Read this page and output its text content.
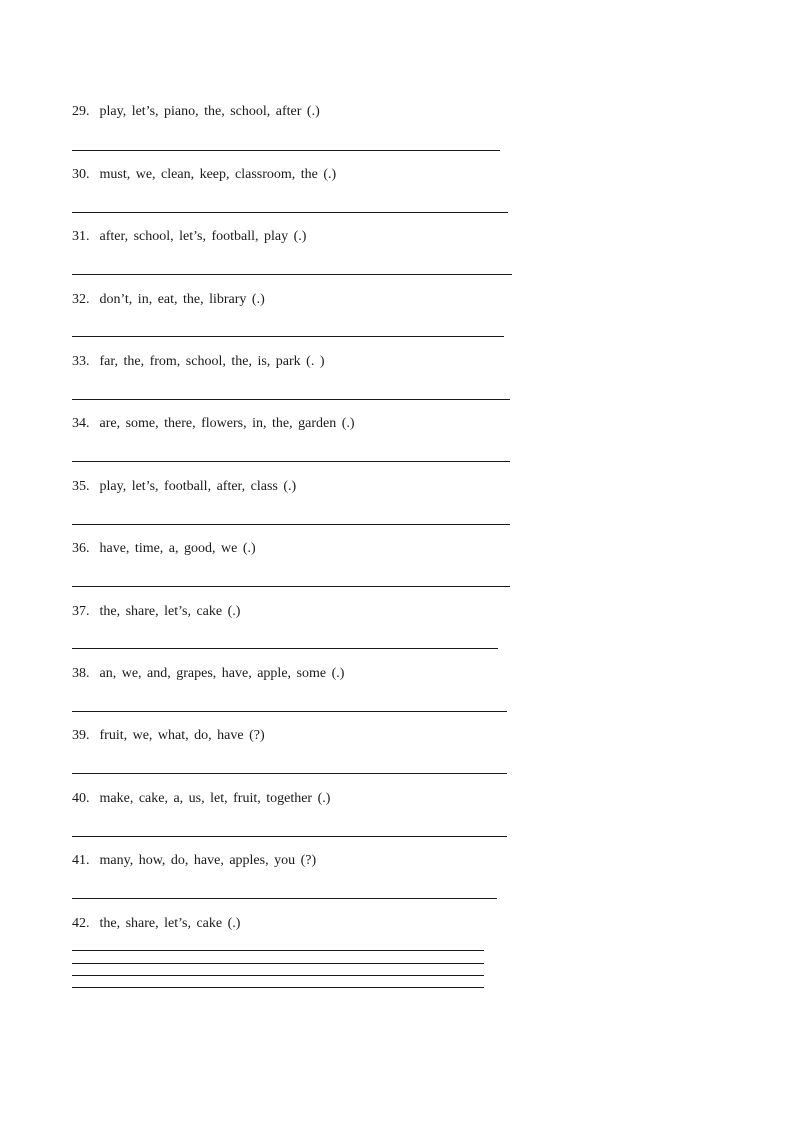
29. play, let’s, piano, the, school, after (.)
30. must, we, clean, keep, classroom, the (.)
31. after, school, let’s, football, play (.)
32. don’t, in, eat, the, library (.)
33. far, the, from, school, the, is, park (. )
34. are, some, there, flowers, in, the, garden (.)
35. play, let’s, football, after, class (.)
36. have, time, a, good, we (.)
37. the, share, let’s, cake (.)
38. an, we, and, grapes, have, apple, some (.)
39. fruit, we, what, do, have (?)
40. make, cake, a, us, let, fruit, together (.)
41. many, how, do, have, apples, you (?)
42. the, share, let’s, cake (.)
